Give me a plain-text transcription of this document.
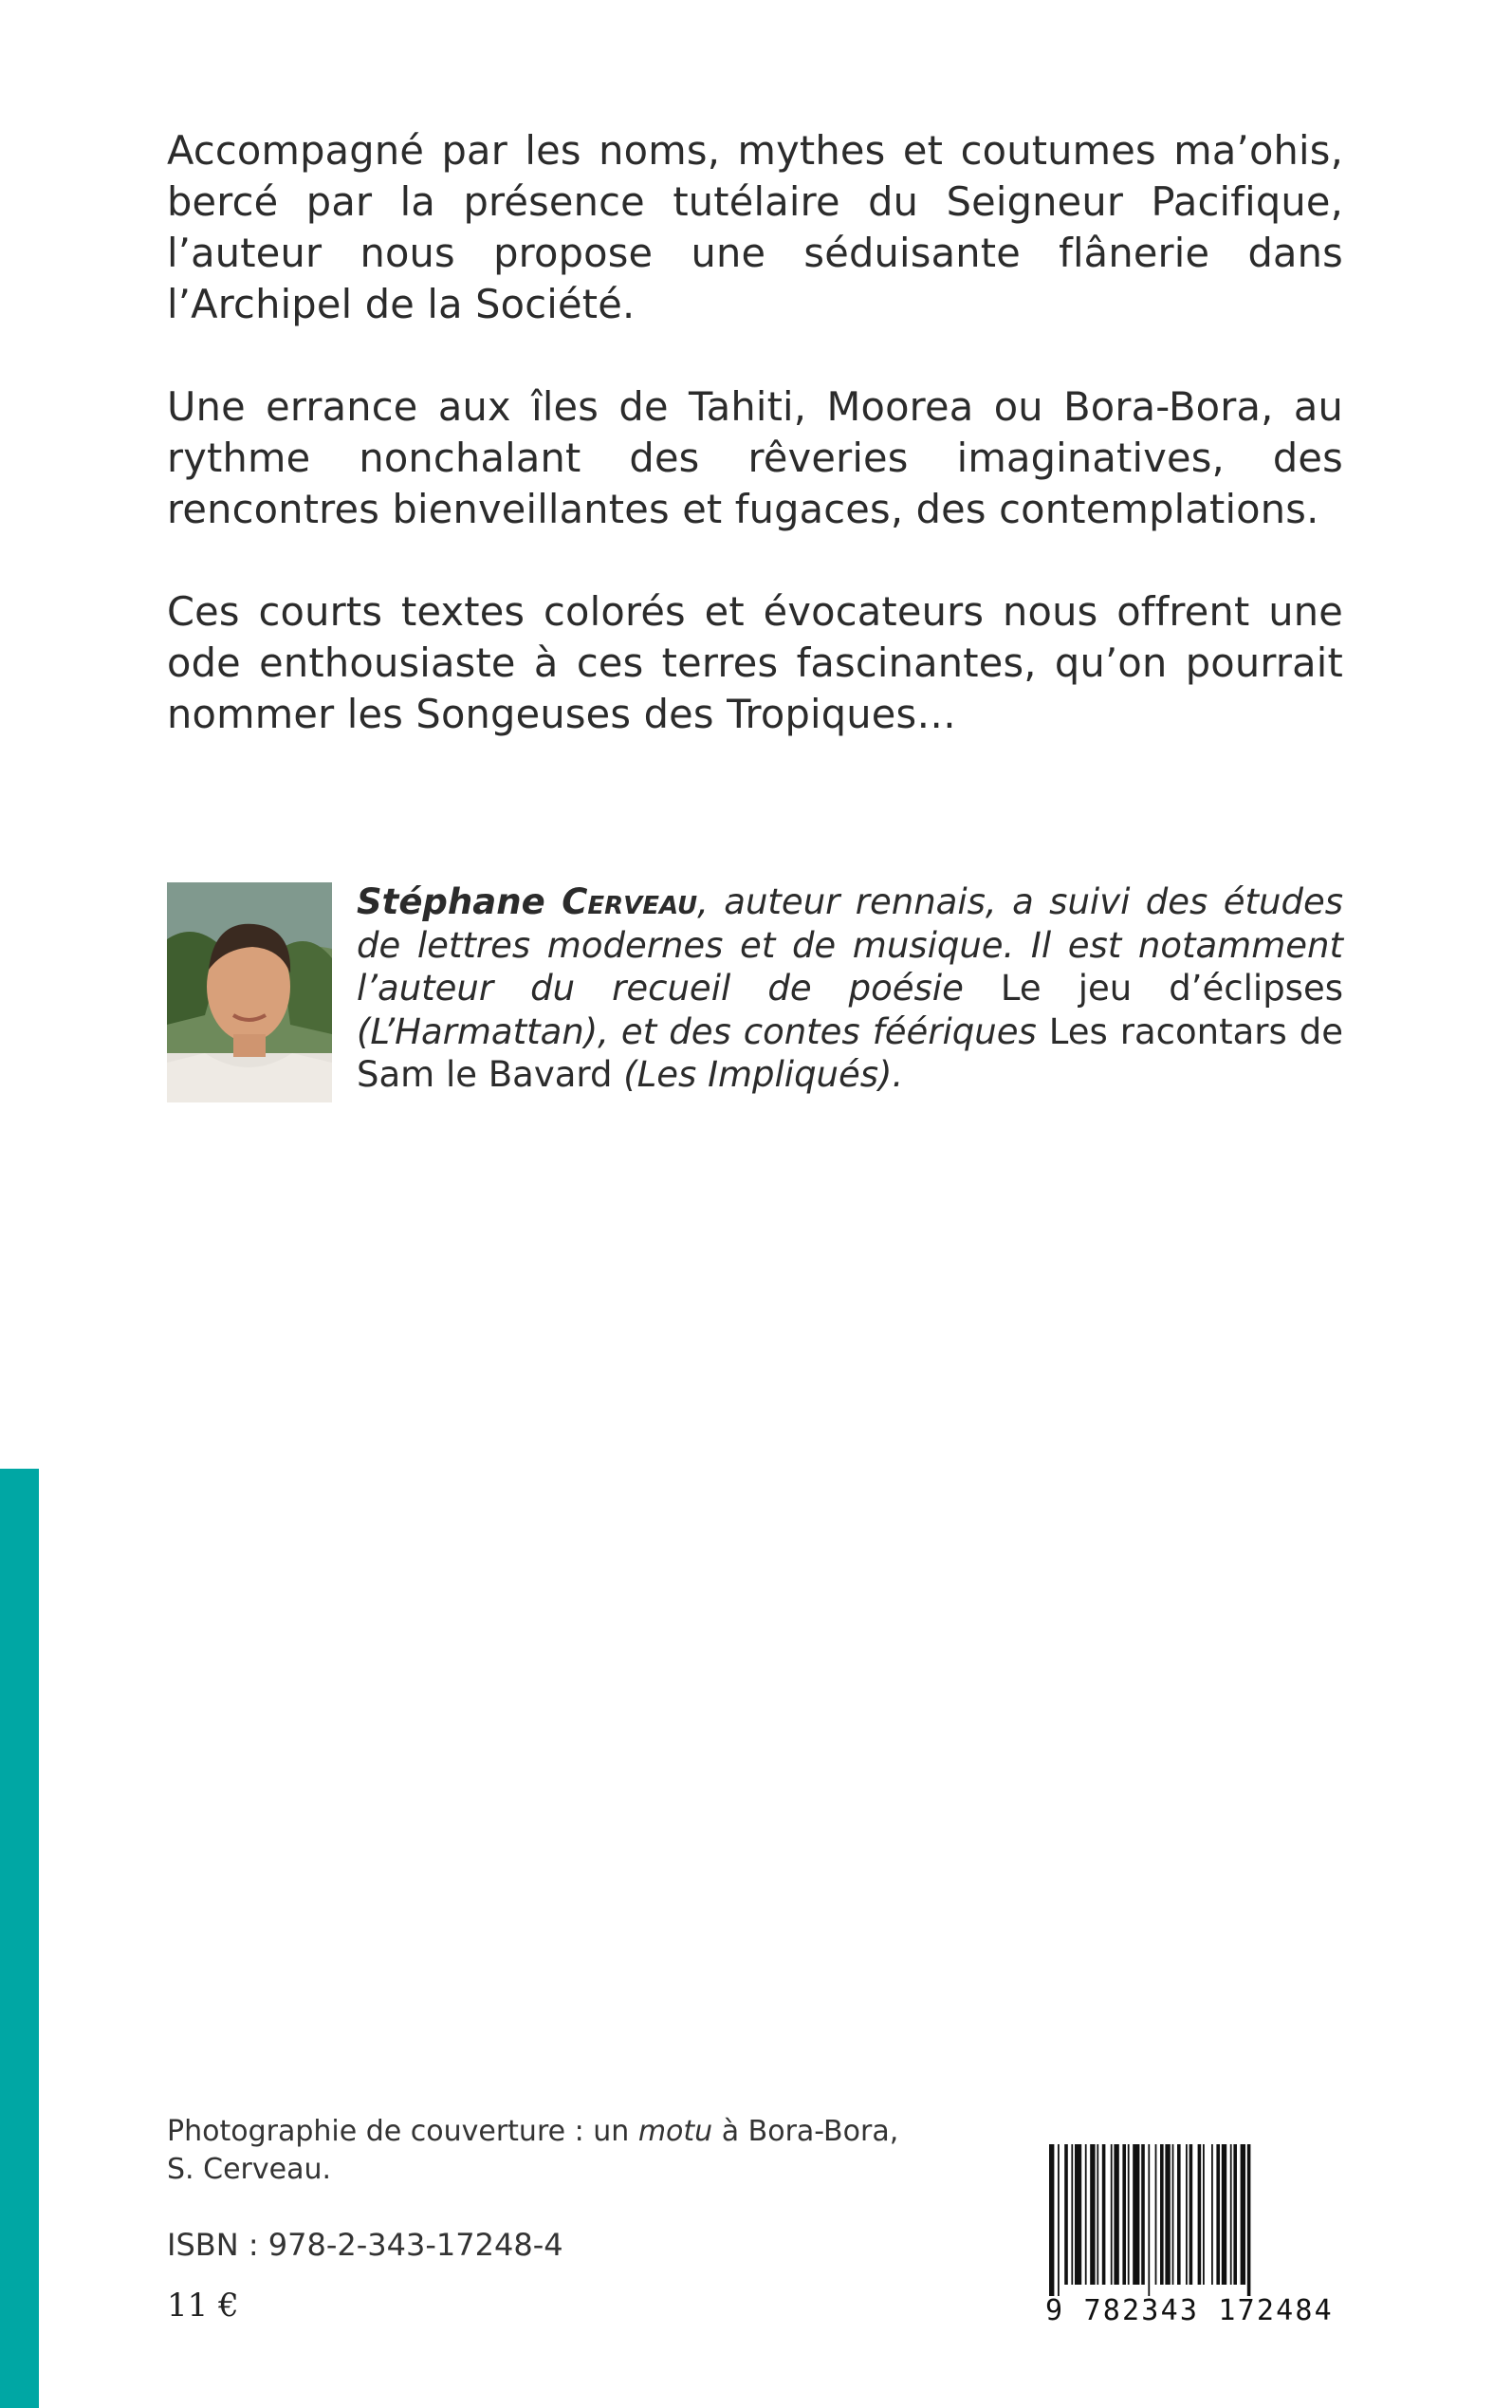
Accompagné par les noms, mythes et coutumes ma’ohis, bercé par la présence tutélaire du Seigneur Pacifique, l’auteur nous propose une séduisante flânerie dans l’Archipel de la Société.

Une errance aux îles de Tahiti, Moorea ou Bora-Bora, au rythme nonchalant des rêveries imaginatives, des rencontres bienveillantes et fugaces, des contemplations.

Ces courts textes colorés et évocateurs nous offrent une ode enthousiaste à ces terres fascinantes, qu’on pourrait nommer les Songeuses des Tropiques…

Stéphane Cerveau, auteur rennais, a suivi des études de lettres modernes et de musique. Il est notamment l’auteur du recueil de poésie Le jeu d’éclipses (L’Harmattan), et des contes féériques Les racontars de Sam le Bavard (Les Impliqués).
Photographie de couverture : un motu à Bora-Bora,
S. Cerveau.
ISBN : 978-2-343-17248-4
11 €	9 782343 172484
